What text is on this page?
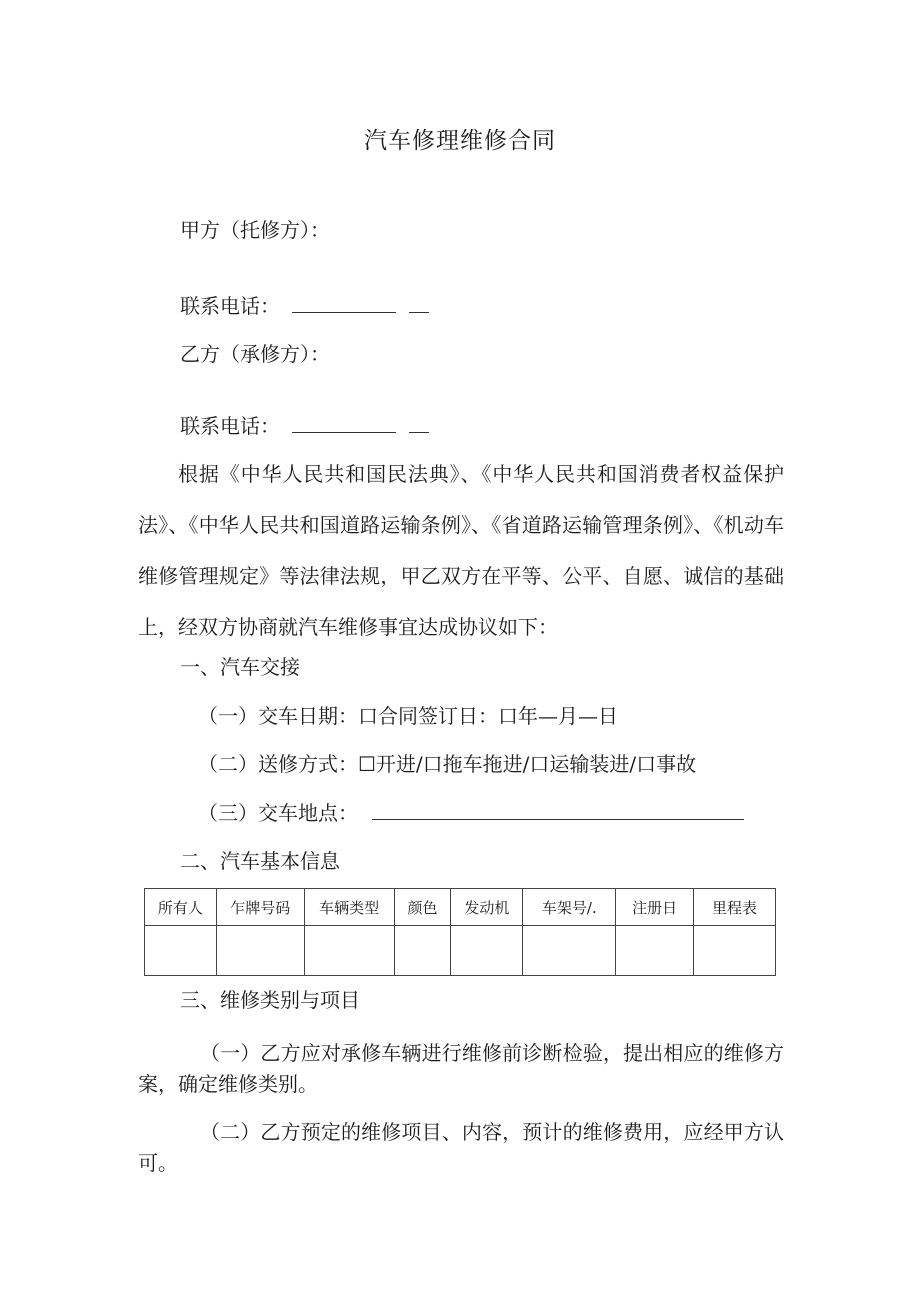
汽车修理维修合同
甲方（托修方）：
联系电话：
乙方（承修方）：
联系电话：
根据《中华人民共和国民法典》、《中华人民共和国消费者权益保护法》、《中华人民共和国道路运输条例》、《省道路运输管理条例》、《机动车维修管理规定》等法律法规，甲乙双方在平等、公平、自愿、诚信的基础上，经双方协商就汽车维修事宜达成协议如下：
一、汽车交接
（一）交车日期：口合同签订日：口年—月—日
（二）送修方式：☐开进/口拖车拖进/口运输装进/口事故
（三）交车地点：
二、汽车基本信息
所有人	乍牌号码	车辆类型	颜色	发动机	车架号/.	注册日	里程表

三、维修类别与项目
（一）乙方应对承修车辆进行维修前诊断检验，提出相应的维修方案，确定维修类别。
（二）乙方预定的维修项目、内容，预计的维修费用，应经甲方认可。
